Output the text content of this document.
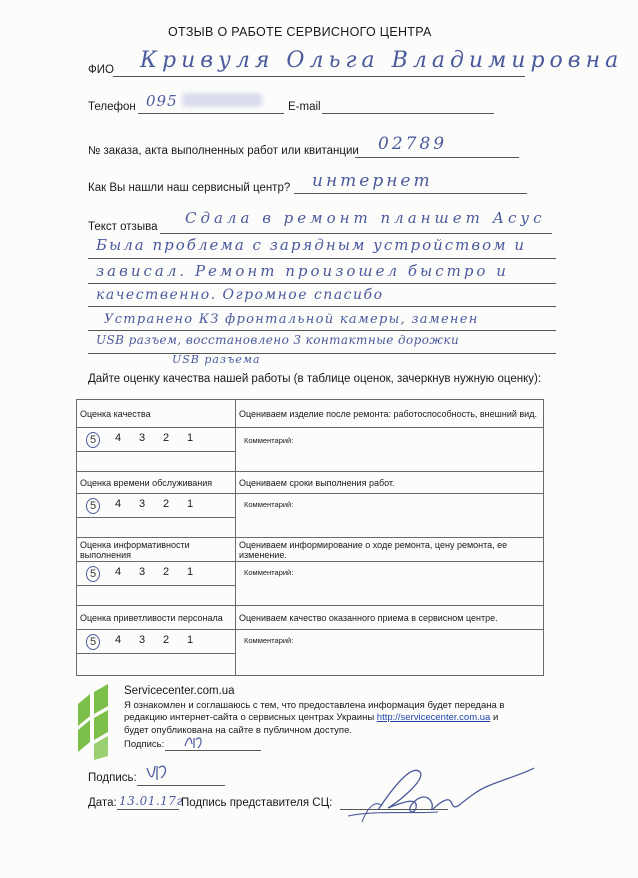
ОТЗЫВ О РАБОТЕ СЕРВИСНОГО ЦЕНТРА
ФИО Кривуля Ольга Владимировна
Телефон 095	E-mail
№ заказа, акта выполненных работ или квитанции 02789
Как Вы нашли наш сервисный центр? интернет
Текст отзыва Сдала в ремонт планшет Асус
Была проблема с зарядным устройством и
зависал. Ремонт произошел быстро и
качественно. Огромное спасибо
Устранено КЗ фронтальной камеры, заменен
USB разъем, восстановлено 3 контактные дорожки
USB разъема
Дайте оценку качества нашей работы (в таблице оценок, зачеркнув нужную оценку):
Оценка качества	Оцениваем изделие после ремонта: работоспособность, внешний вид.

5 4 3 2 1	Комментарий:

Оценка времени обслуживания	Оцениваем сроки выполнения работ.

5 4 3 2 1	Комментарий:

Оценка информативности выполнения	Оцениваем информирование о ходе ремонта, цену ремонта, ее изменение.

5 4 3 2 1	Комментарий:

Оценка приветливости персонала	Оцениваем качество оказанного приема в сервисном центре.

5 4 3 2 1	Комментарий:

Servicecenter.com.ua
Я ознакомлен и соглашаюсь с тем, что предоставлена информация будет передана в
редакцию интернет-сайта о сервисных центрах Украины http://servicecenter.com.ua и
будет опубликована на сайте в публичном доступе.
Подпись:
Подпись:
Дата: 13.01.17г
Подпись представителя СЦ:
